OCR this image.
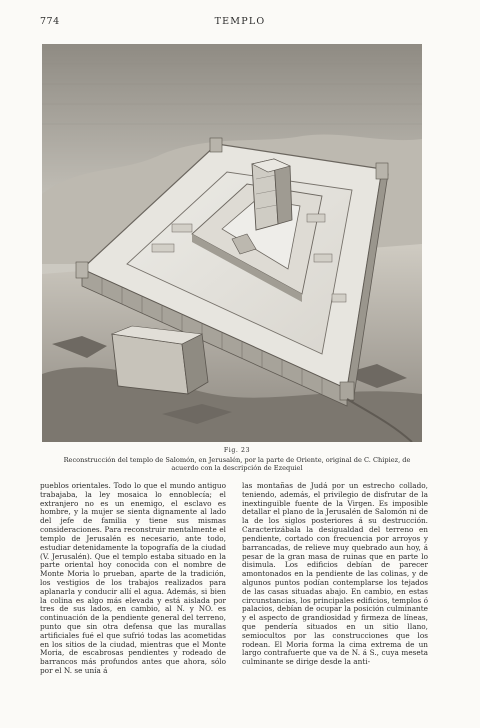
774	TEMPLO
Fig. 23
Reconstrucción del templo de Salomón, en Jerusalén, por la parte de Oriente, original de C. Chipiez, de acuerdo con la descripción de Ezequiel

pueblos orientales. Todo lo que el mundo antiguo trabajaba, la ley mosaica lo ennoblecía; el extranjero no es un enemigo, el esclavo es hombre, y la mujer se sienta dignamente al lado del jefe de familia y tiene sus mismas consideraciones. Para reconstruir mentalmente el templo de Jerusalén es necesario, ante todo, estudiar detenidamente la topografía de la ciudad (V. Jerusalén). Que el templo estaba situado en la parte oriental hoy conocida con el nombre de Monte Moria lo prueban, aparte de la tradición, los vestigios de los trabajos realizados para aplanarla y conducir allí el agua. Además, si bien la colina es algo más elevada y está aislada por tres de sus lados, en cambio, al N. y NO. es continuación de la pendiente general del terreno, punto que sin otra defensa que las murallas artificiales fué el que sufrió todas las acometidas en los sitios de la ciudad, mientras que el Monte Moria, de escabrosas pendientes y rodeado de barrancos más profundos antes que ahora, sólo por el N. se unía á

las montañas de Judá por un estrecho collado, teniendo, además, el privilegio de disfrutar de la inextinguible fuente de la Virgen. Es imposible detallar el plano de la Jerusalén de Salomón ni de la de los siglos posteriores á su destrucción. Caracterizábala la desigualdad del terreno en pendiente, cortado con frecuencia por arroyos y barrancadas, de relieve muy quebrado aun hoy, á pesar de la gran masa de ruinas que en parte lo disimula. Los edificios debían de parecer amontonados en la pendiente de las colinas, y de algunos puntos podían contemplarse los tejados de las casas situadas abajo. En cambio, en estas circunstancias, los principales edificios, templos ó palacios, debían de ocupar la posición culminante y el aspecto de grandiosidad y firmeza de líneas, que pendería situados en un sitio llano, semiocultos por las construcciones que los rodean. El Moria forma la cima extrema de un largo contrafuerte que va de N. á S., cuya meseta culminante se dirige desde la anti-
